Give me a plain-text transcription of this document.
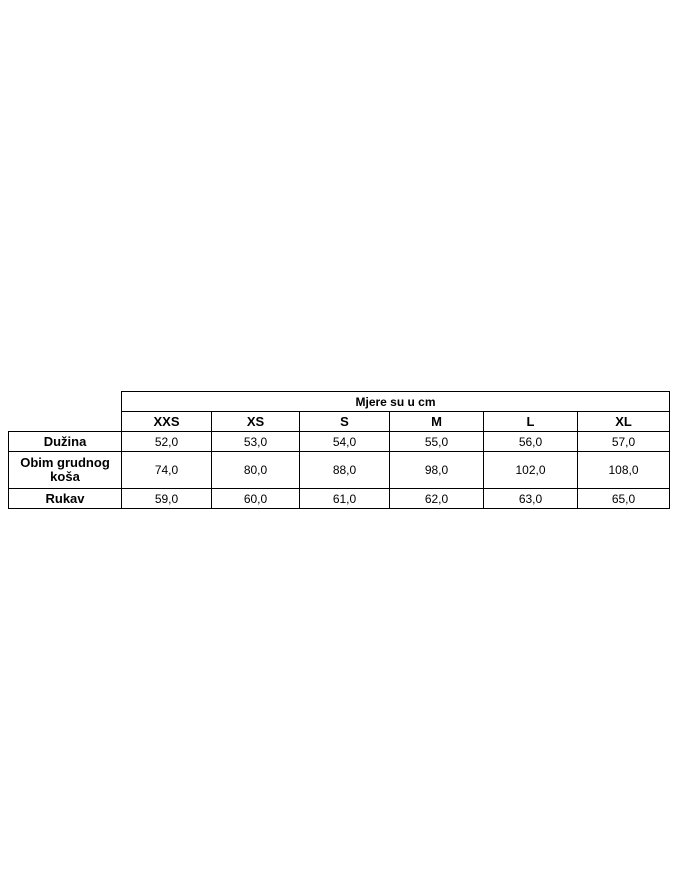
	Mjere su u cm					
	XXS	XS	S	M	L	XL
Dužina	52,0	53,0	54,0	55,0	56,0	57,0
Obim grudnog koša	74,0	80,0	88,0	98,0	102,0	108,0
Rukav	59,0	60,0	61,0	62,0	63,0	65,0
